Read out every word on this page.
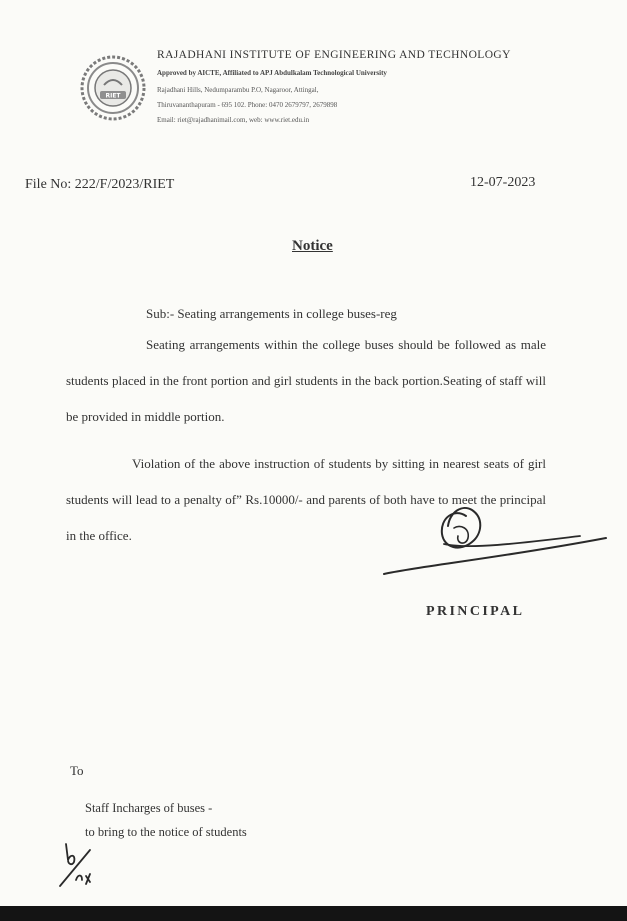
RIET
RAJADHANI INSTITUTE OF ENGINEERING AND TECHNOLOGY
Approved by AICTE, Affiliated to APJ Abdulkalam Technological University
Rajadhani Hills, Nedumparambu P.O, Nagaroor, Attingal,
Thiruvananthapuram - 695 102. Phone: 0470 2679797, 2679898
Email: riet@rajadhanimail.com, web: www.riet.edu.in
File No: 222/F/2023/RIET	12-07-2023
Notice
Sub:- Seating arrangements in college buses-reg
Seating arrangements within the college buses should be followed as male students placed in the front portion and girl students in the back portion.Seating of staff will be provided in middle portion.
Violation of the above instruction of students by sitting in nearest seats of girl students will lead to a penalty of” Rs.10000/- and parents of both have to meet the principal in the office.
PRINCIPAL
To
Staff Incharges of buses -
to bring to the notice of students
